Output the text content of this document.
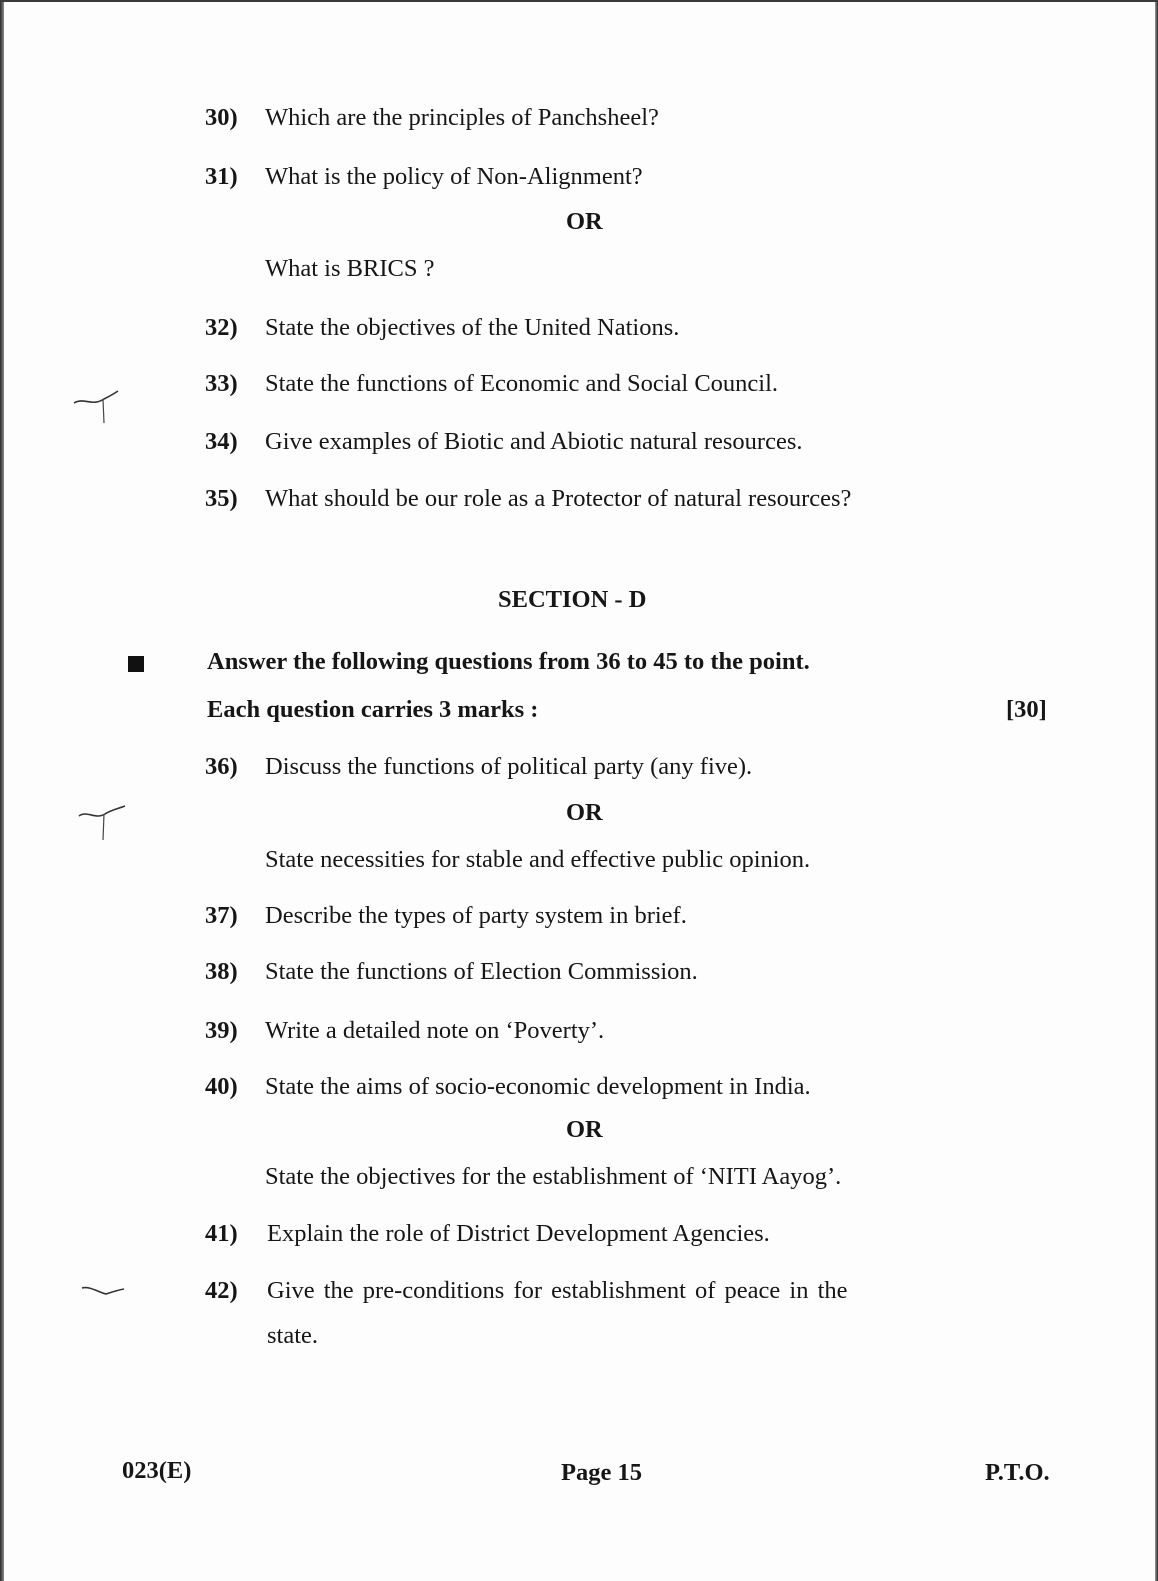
30) Which are the principles of Panchsheel?
31) What is the policy of Non-Alignment?
OR
What is BRICS ?
32) State the objectives of the United Nations.
33) State the functions of Economic and Social Council.
34) Give examples of Biotic and Abiotic natural resources.
35) What should be our role as a Protector of natural resources?
SECTION - D
Answer the following questions from 36 to 45 to the point.
Each question carries 3 marks :	[30]
36) Discuss the functions of political party (any five).
OR
State necessities for stable and effective public opinion.
37) Describe the types of party system in brief.
38) State the functions of Election Commission.
39) Write a detailed note on ‘Poverty’.
40) State the aims of socio-economic development in India.
OR
State the objectives for the establishment of ‘NITI Aayog’.
41) Explain the role of District Development Agencies.
42) Give the pre-conditions for establishment of peace in the
state.
023(E)	Page 15	P.T.O.
